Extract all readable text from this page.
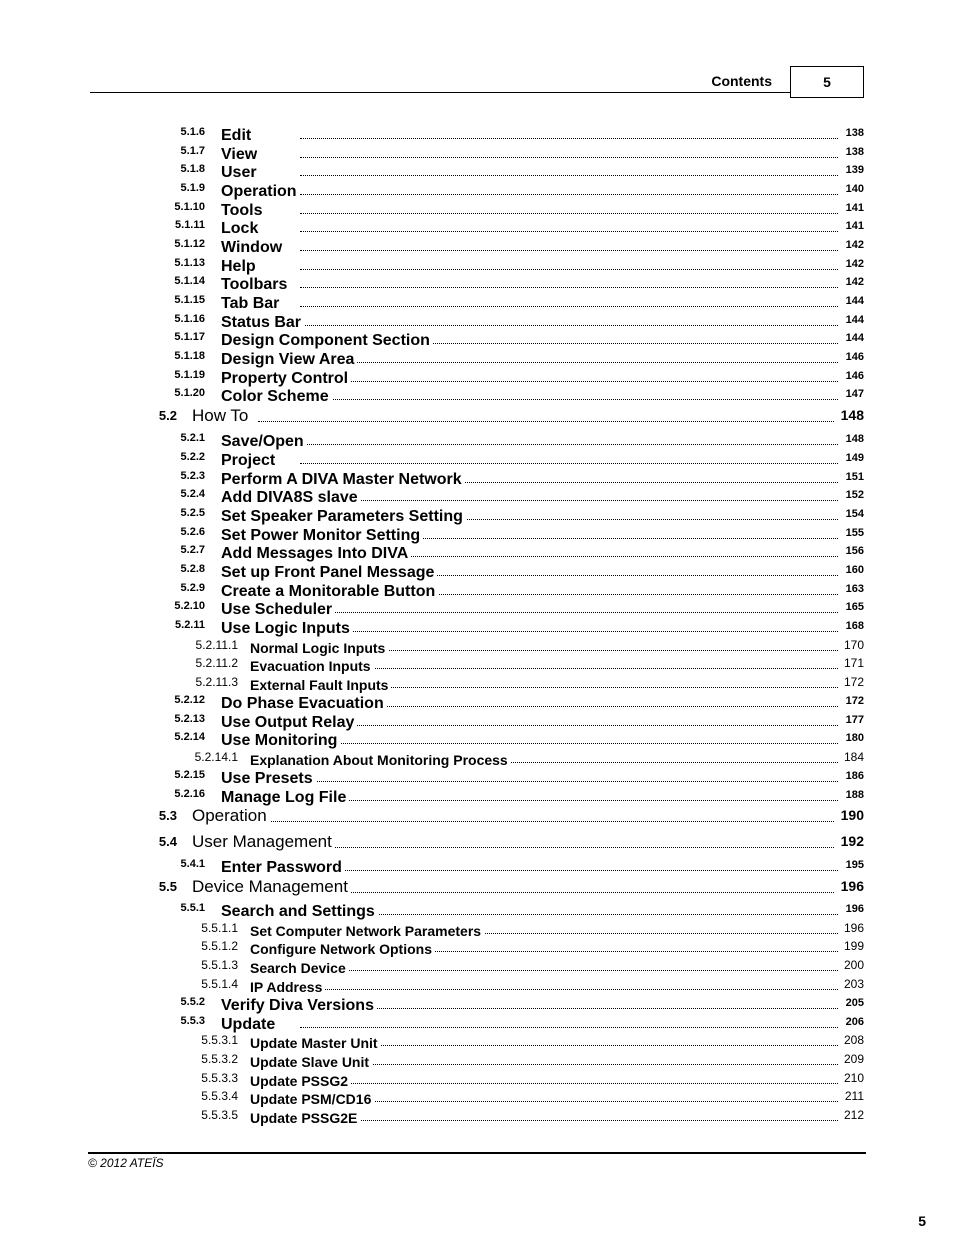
Contents	5
5.1.6 Edit	138
5.1.7 View	138
5.1.8 User	139
5.1.9 Operation	140
5.1.10 Tools	141
5.1.11 Lock	141
5.1.12 Window	142
5.1.13 Help	142
5.1.14 Toolbars	142
5.1.15 Tab Bar	144
5.1.16 Status Bar	144
5.1.17 Design Component Section	144
5.1.18 Design View Area	146
5.1.19 Property Control	146
5.1.20 Color Scheme	147
5.2 How To	148
5.2.1 Save/Open	148
5.2.2 Project	149
5.2.3 Perform A DIVA Master Network	151
5.2.4 Add DIVA8S slave	152
5.2.5 Set Speaker Parameters Setting	154
5.2.6 Set Power Monitor Setting	155
5.2.7 Add Messages Into DIVA	156
5.2.8 Set up Front Panel Message	160
5.2.9 Create a Monitorable Button	163
5.2.10 Use Scheduler	165
5.2.11 Use Logic Inputs	168
5.2.11.1 Normal Logic Inputs	170
5.2.11.2 Evacuation Inputs	171
5.2.11.3 External Fault Inputs	172
5.2.12 Do Phase Evacuation	172
5.2.13 Use Output Relay	177
5.2.14 Use Monitoring	180
5.2.14.1 Explanation About Monitoring Process	184
5.2.15 Use Presets	186
5.2.16 Manage Log File	188
5.3 Operation	190
5.4 User Management	192
5.4.1 Enter Password	195
5.5 Device Management	196
5.5.1 Search and Settings	196
5.5.1.1 Set Computer Network Parameters	196
5.5.1.2 Configure Network Options	199
5.5.1.3 Search Device	200
5.5.1.4 IP Address	203
5.5.2 Verify Diva Versions	205
5.5.3 Update	206
5.5.3.1 Update Master Unit	208
5.5.3.2 Update Slave Unit	209
5.5.3.3 Update PSSG2	210
5.5.3.4 Update PSM/CD16	211
5.5.3.5 Update PSSG2E	212
© 2012 ATEÏS
5
